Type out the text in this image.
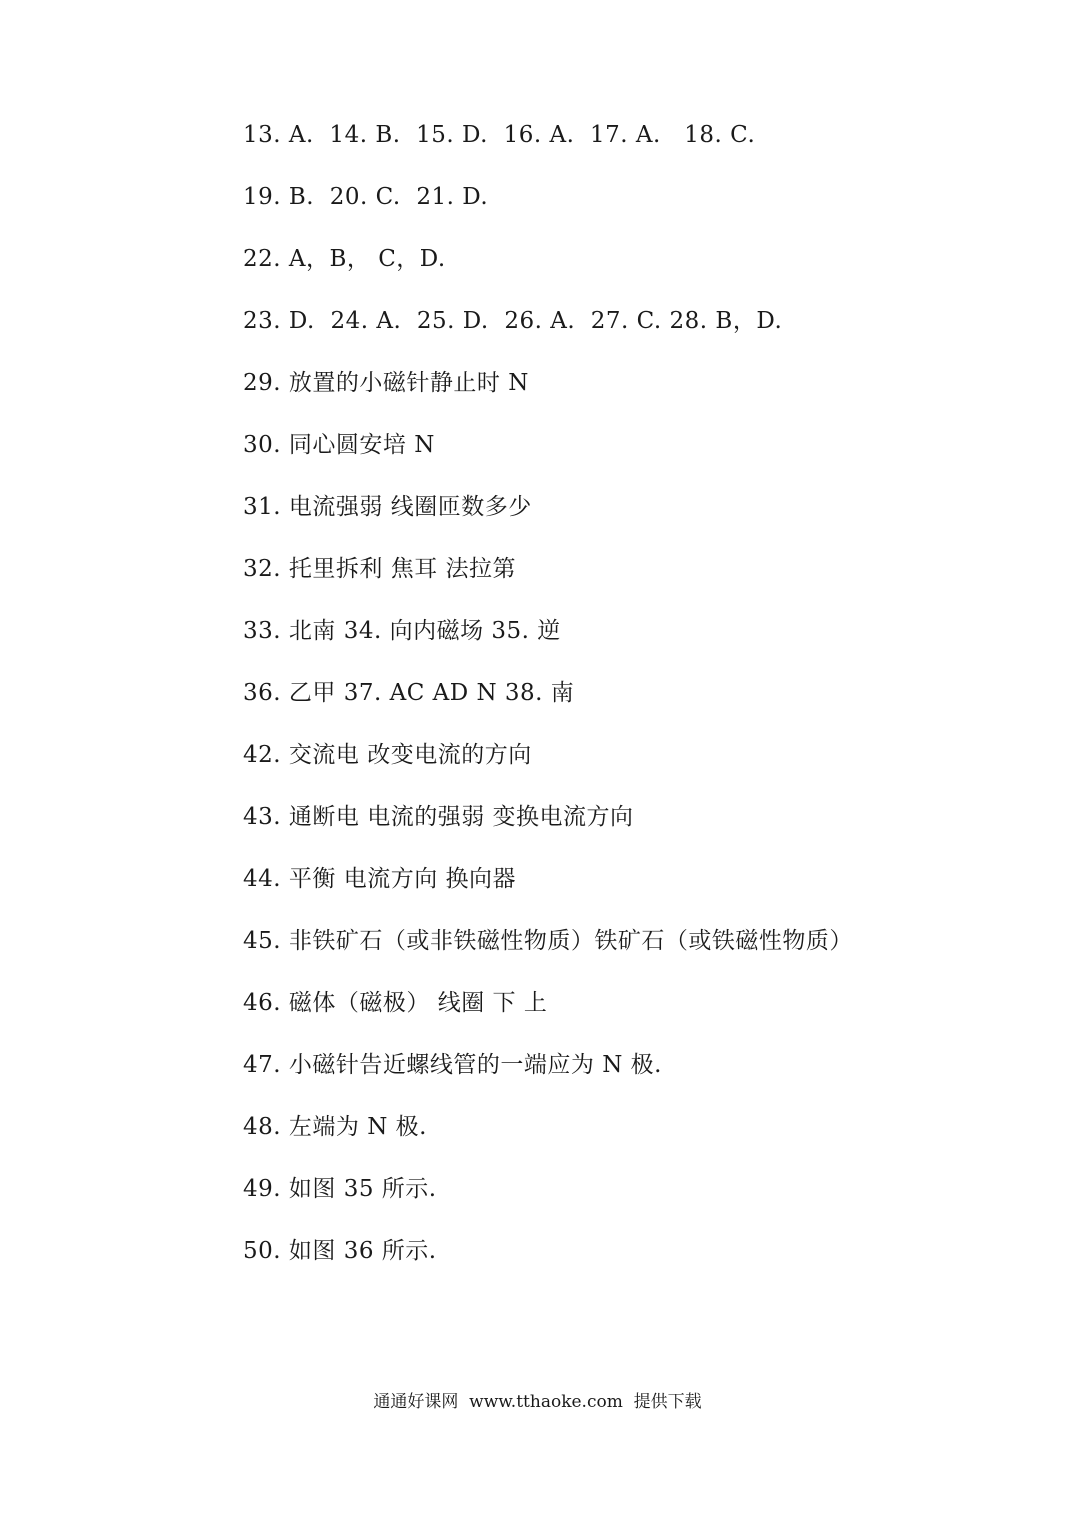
13. A.  14. B.  15. D.  16. A.  17. A.   18. C.
19. B.  20. C.  21. D.
22. A，B， C，D.
23. D.  24. A.  25. D.  26. A.  27. C. 28. B，D.
29. 放置的小磁针静止时 N
30. 同心圆安培 N
31. 电流强弱 线圈匝数多少
32. 托里拆利 焦耳 法拉第
33. 北南 34. 向内磁场 35. 逆
36. 乙甲 37. AC AD N 38. 南
42. 交流电 改变电流的方向
43. 通断电 电流的强弱 变换电流方向
44. 平衡 电流方向 换向器
45. 非铁矿石（或非铁磁性物质）铁矿石（或铁磁性物质）
46. 磁体（磁极） 线圈 下 上
47. 小磁针告近螺线管的一端应为 N 极.
48. 左端为 N 极.
49. 如图 35 所示.
50. 如图 36 所示.
通通好课网  www.tthaoke.com  提供下载
